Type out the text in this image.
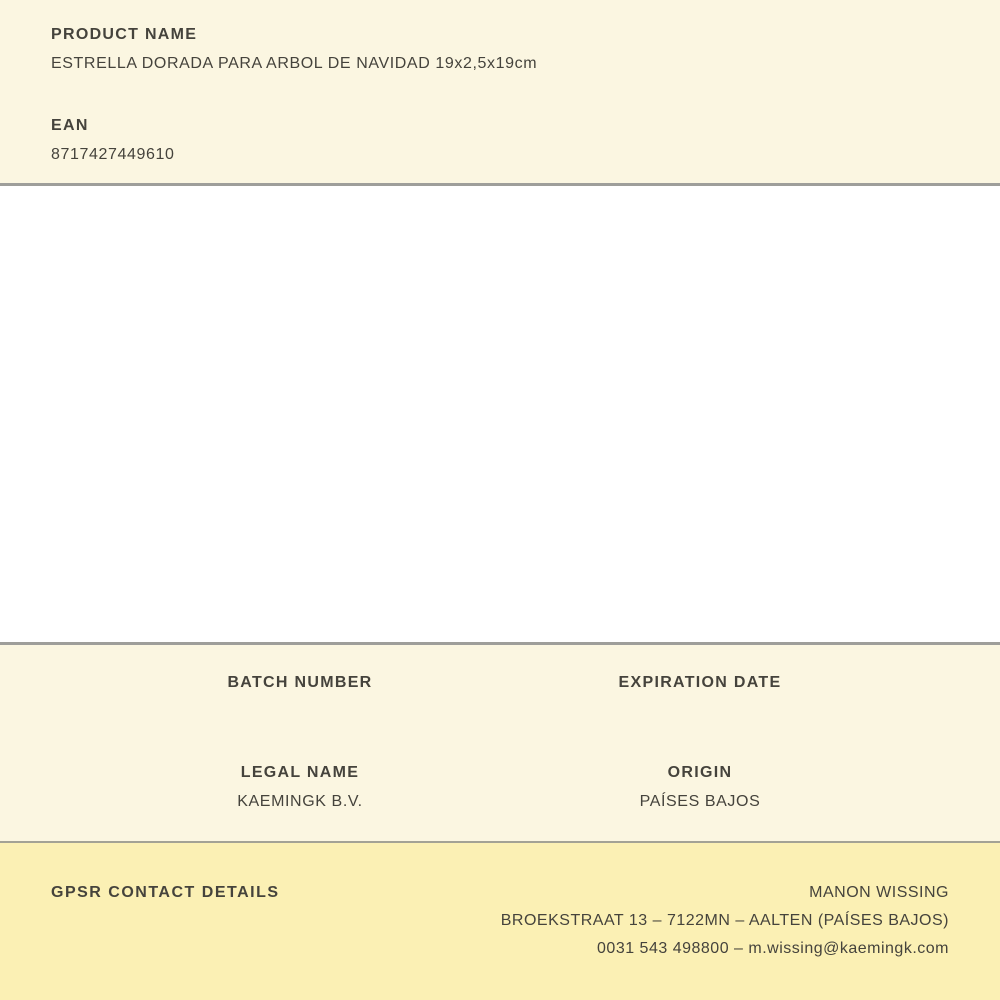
PRODUCT NAME
ESTRELLA DORADA PARA ARBOL DE NAVIDAD 19x2,5x19cm
EAN
8717427449610
BATCH NUMBER	EXPIRATION DATE
LEGAL NAME
KAEMINGK B.V.
ORIGIN
PAÍSES BAJOS
GPSR CONTACT DETAILS	MANON WISSING
BROEKSTRAAT 13 – 7122MN – AALTEN (PAÍSES BAJOS)
0031 543 498800 – m.wissing@kaemingk.com
